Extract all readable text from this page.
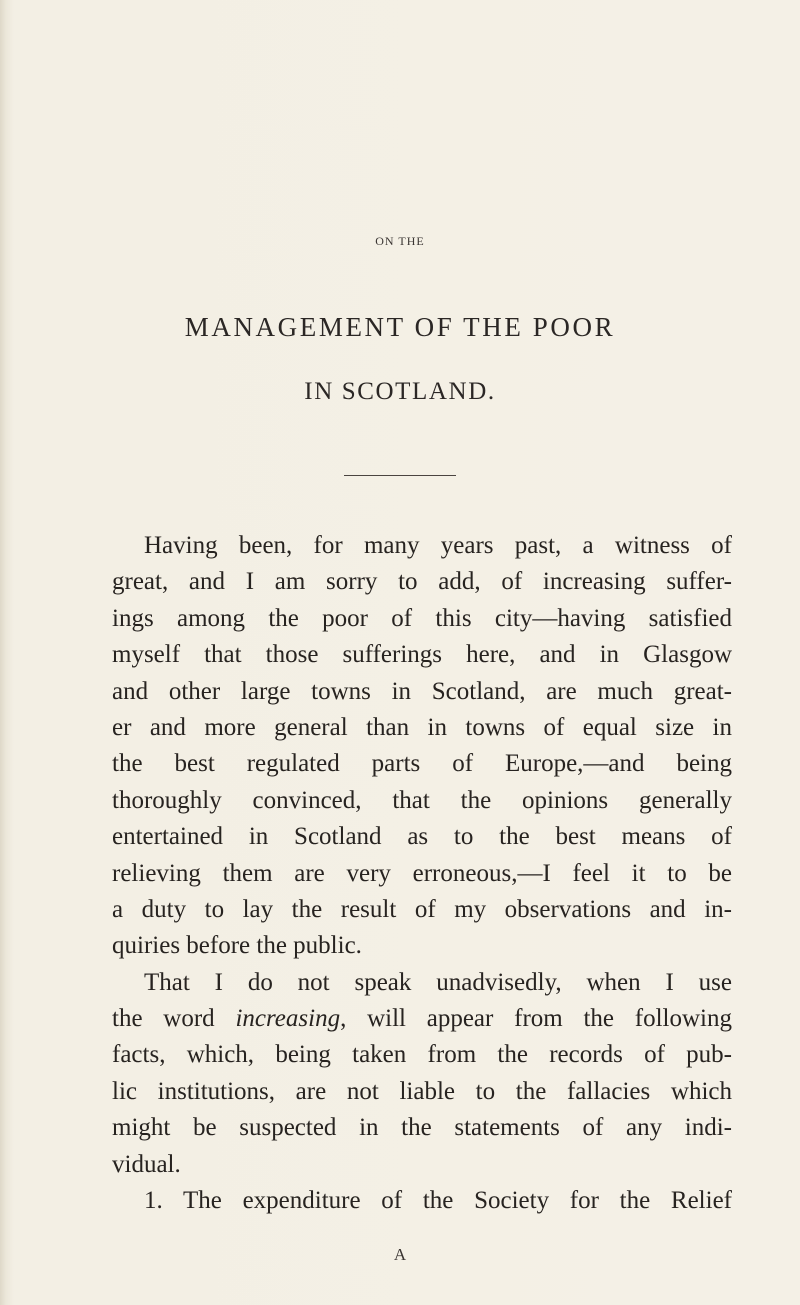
ON THE
MANAGEMENT OF THE POOR
IN SCOTLAND.
Having been, for many years past, a witness of
great, and I am sorry to add, of increasing suffer-
ings among the poor of this city—having satisfied
myself that those sufferings here, and in Glasgow
and other large towns in Scotland, are much great-
er and more general than in towns of equal size in
the best regulated parts of Europe,—and being
thoroughly convinced, that the opinions generally
entertained in Scotland as to the best means of
relieving them are very erroneous,—I feel it to be
a duty to lay the result of my observations and in-
quiries before the public.
That I do not speak unadvisedly, when I use
the word increasing, will appear from the following
facts, which, being taken from the records of pub-
lic institutions, are not liable to the fallacies which
might be suspected in the statements of any indi-
vidual.
1. The expenditure of the Society for the Relief
A
